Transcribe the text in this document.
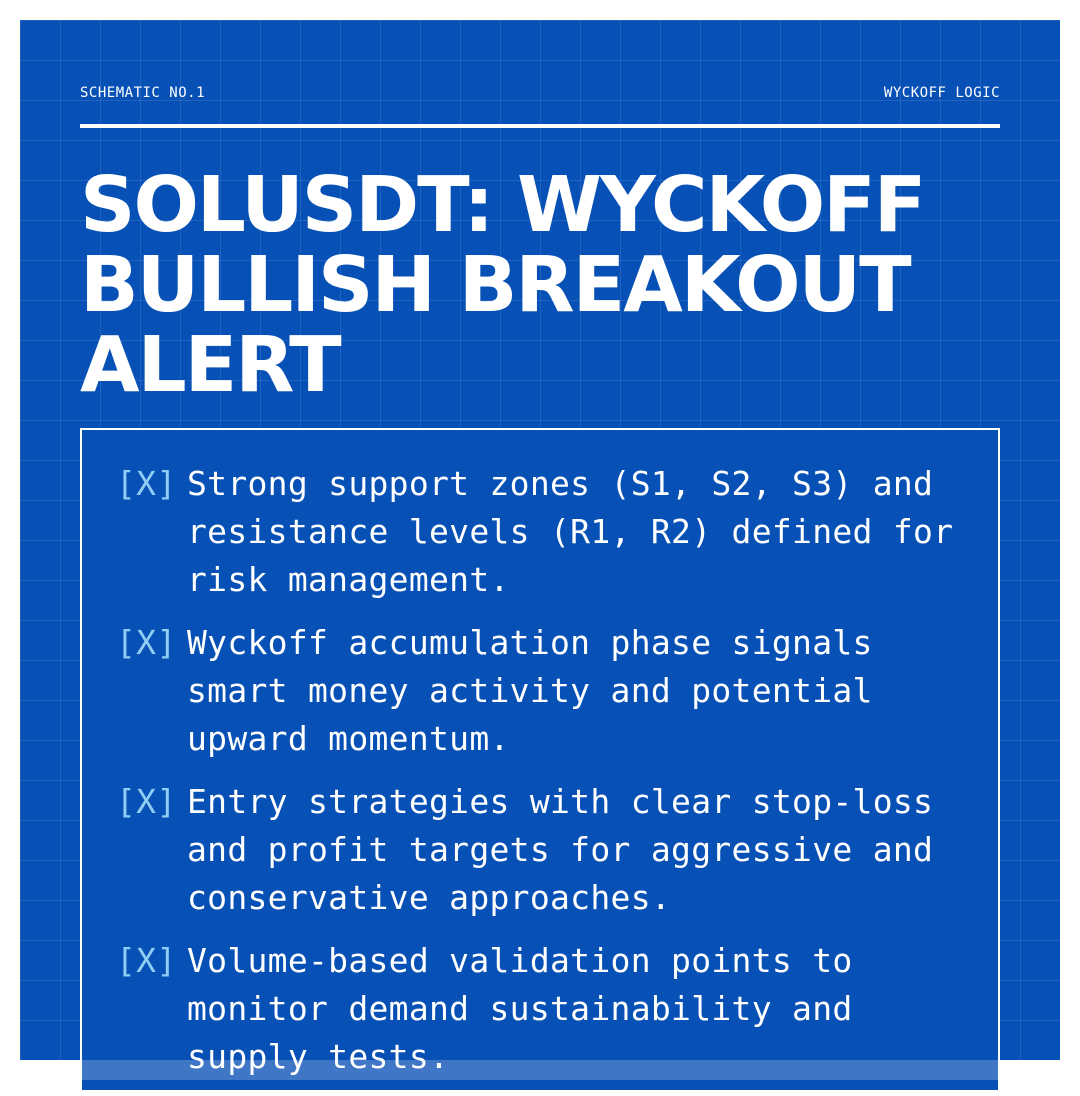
SCHEMATIC NO.1	WYCKOFF LOGIC
SOLUSDT: WYCKOFF BULLISH BREAKOUT ALERT
[X] Strong support zones (S1, S2, S3) and resistance levels (R1, R2) defined for risk management.
[X] Wyckoff accumulation phase signals smart money activity and potential upward momentum.
[X] Entry strategies with clear stop-loss and profit targets for aggressive and conservative approaches.
[X] Volume-based validation points to monitor demand sustainability and supply tests.
